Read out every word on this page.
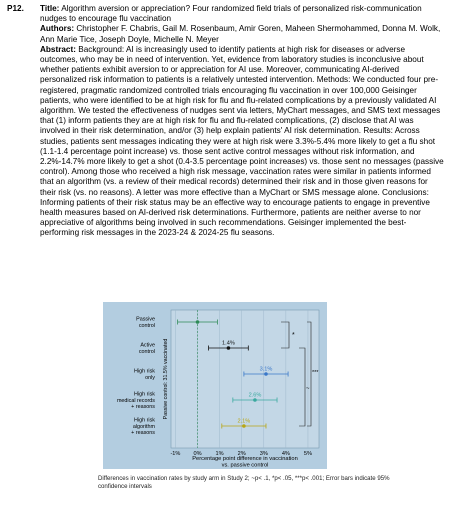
P12. Title: Algorithm aversion or appreciation? Four randomized field trials of personalized risk-communication nudges to encourage flu vaccination
Authors: Christopher F. Chabris, Gail M. Rosenbaum, Amir Goren, Maheen Shermohammed, Donna M. Wolk, Ann Marie Tice, Joseph Doyle, Michelle N. Meyer
Abstract: Background: AI is increasingly used to identify patients at high risk for diseases or adverse outcomes, who may be in need of intervention. Yet, evidence from laboratory studies is inconclusive about whether patients exhibit aversion to or appreciation for AI use. Moreover, communicating AI-derived personalized risk information to patients is a relatively untested intervention. Methods: We conducted four pre-registered, pragmatic randomized controlled trials encouraging flu vaccination in over 100,000 Geisinger patients, who were identified to be at high risk for flu and flu-related complications by a previously validated AI algorithm. We tested the effectiveness of nudges sent via letters, MyChart messages, and SMS text messages that (1) inform patients they are at high risk for flu and flu-related complications, (2) disclose that AI was involved in their risk determination, and/or (3) help explain patients' AI risk determination. Results: Across studies, patients sent messages indicating they were at high risk were 3.3%-5.4% more likely to get a flu shot (1.1-1.4 percentage point increase) vs. those sent active control messages without risk information, and 2.2%-14.7% more likely to get a shot (0.4-3.5 percentage point increases) vs. those sent no messages (passive control). Among those who received a high risk message, vaccination rates were similar in patients informed that an algorithm (vs. a review of their medical records) determined their risk and in those given reasons for their risk (vs. no reasons). A letter was more effective than a MyChart or SMS message alone. Conclusions: Informing patients of their risk status may be an effective way to encourage patients to engage in preventive health measures based on AI-derived risk determinations. Furthermore, patients are neither averse to nor appreciative of algorithms being involved in such recommendations. Geisinger implemented the best-performing risk messages in the 2023-24 & 2024-25 flu seasons.
Passive
control
Active
control
High risk
only
High risk
medical records
+ reasons
High risk
algorithm
+ reasons
1.4%
3.1%
2.6%
2.1%
-1% 0% 1% 2% 3% 4% 5%
Passive control: 31.5% vaccinated
Percentage point difference in vaccination
vs. passive control
*
~
***
Differences in vaccination rates by study arm in Study 2; ~p< .1, *p< .05, ***p< .001; Error bars indicate 95% confidence intervals
